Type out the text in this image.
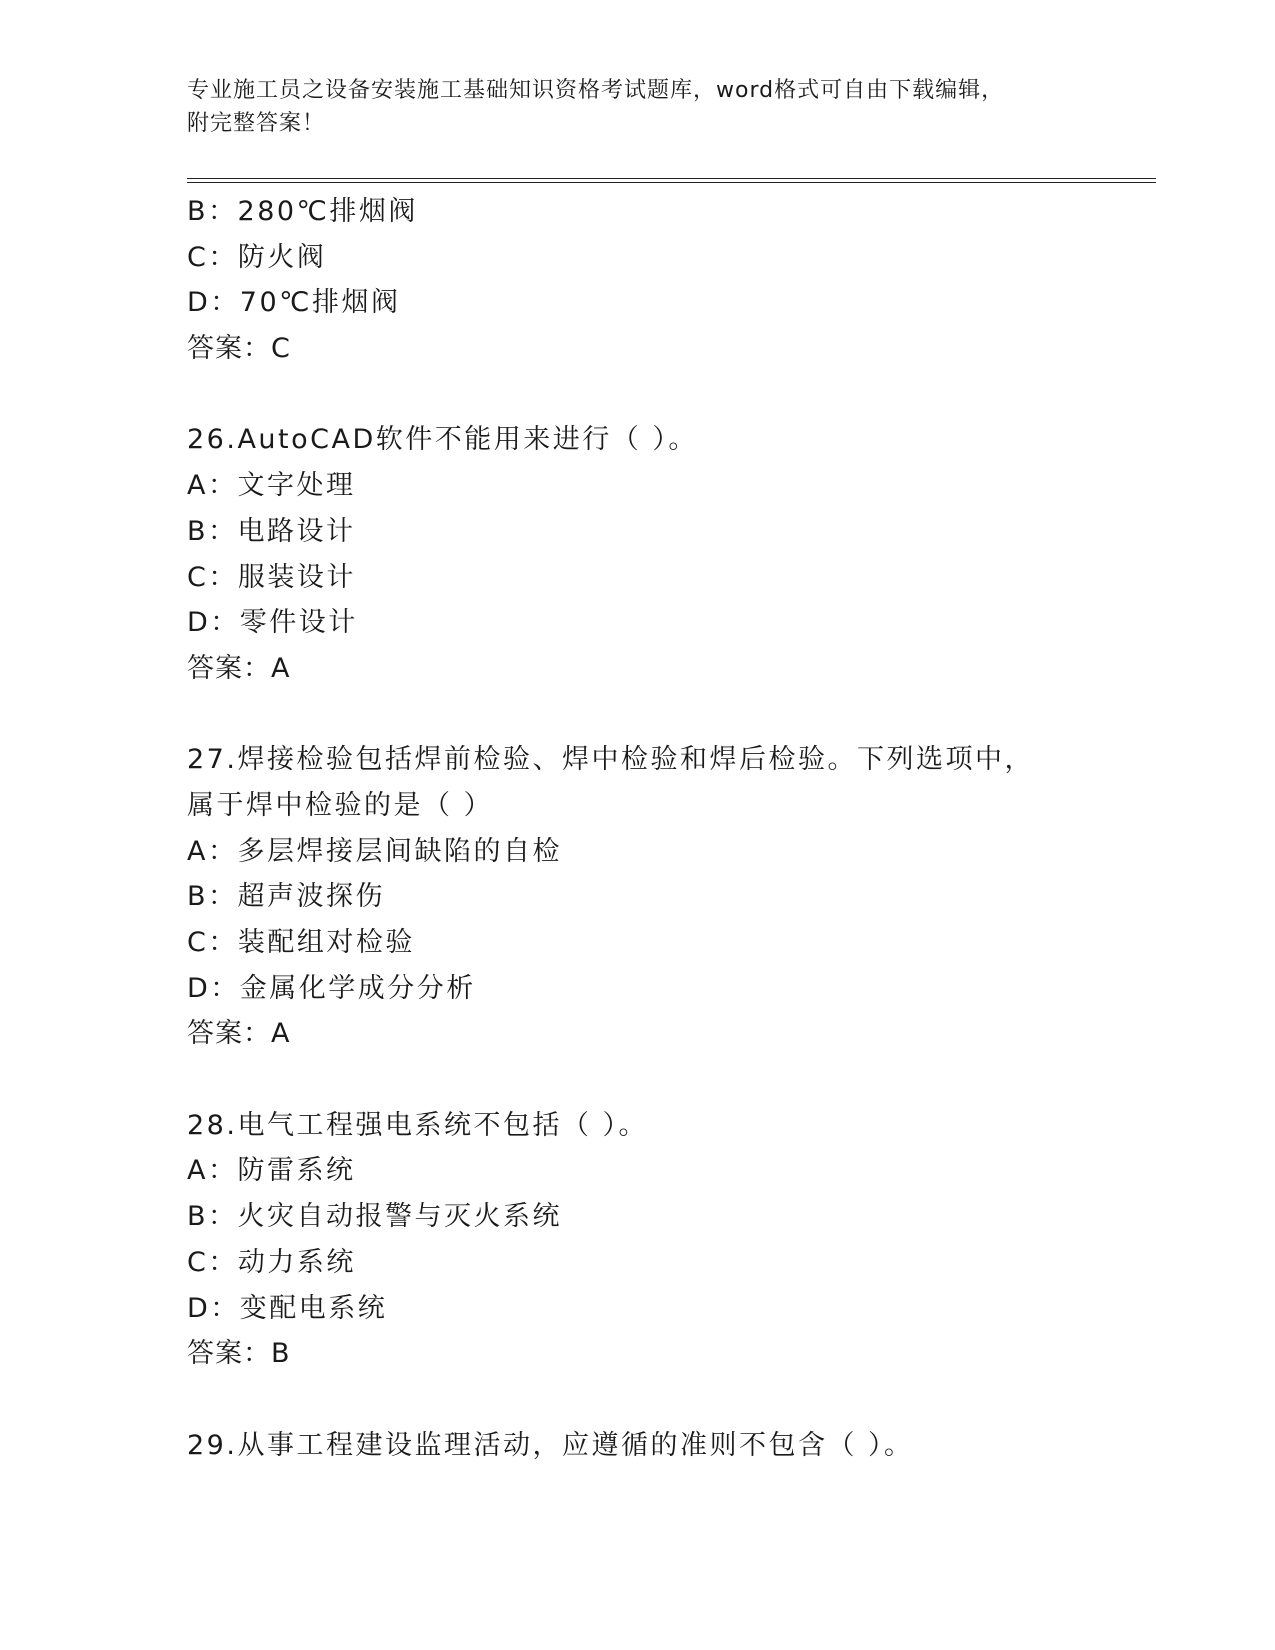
专业施工员之设备安装施工基础知识资格考试题库，word格式可自由下载编辑，
附完整答案！
B：280℃排烟阀
C：防火阀
D：70℃排烟阀
答案：C
26.AutoCAD软件不能用来进行（ ）。
A：文字处理
B：电路设计
C：服装设计
D：零件设计
答案：A
27.焊接检验包括焊前检验、焊中检验和焊后检验。下列选项中，属于焊中检验的是（ ）
A：多层焊接层间缺陷的自检
B：超声波探伤
C：装配组对检验
D：金属化学成分分析
答案：A
28.电气工程强电系统不包括（ ）。
A：防雷系统
B：火灾自动报警与灭火系统
C：动力系统
D：变配电系统
答案：B
29.从事工程建设监理活动，应遵循的准则不包含（ ）。
